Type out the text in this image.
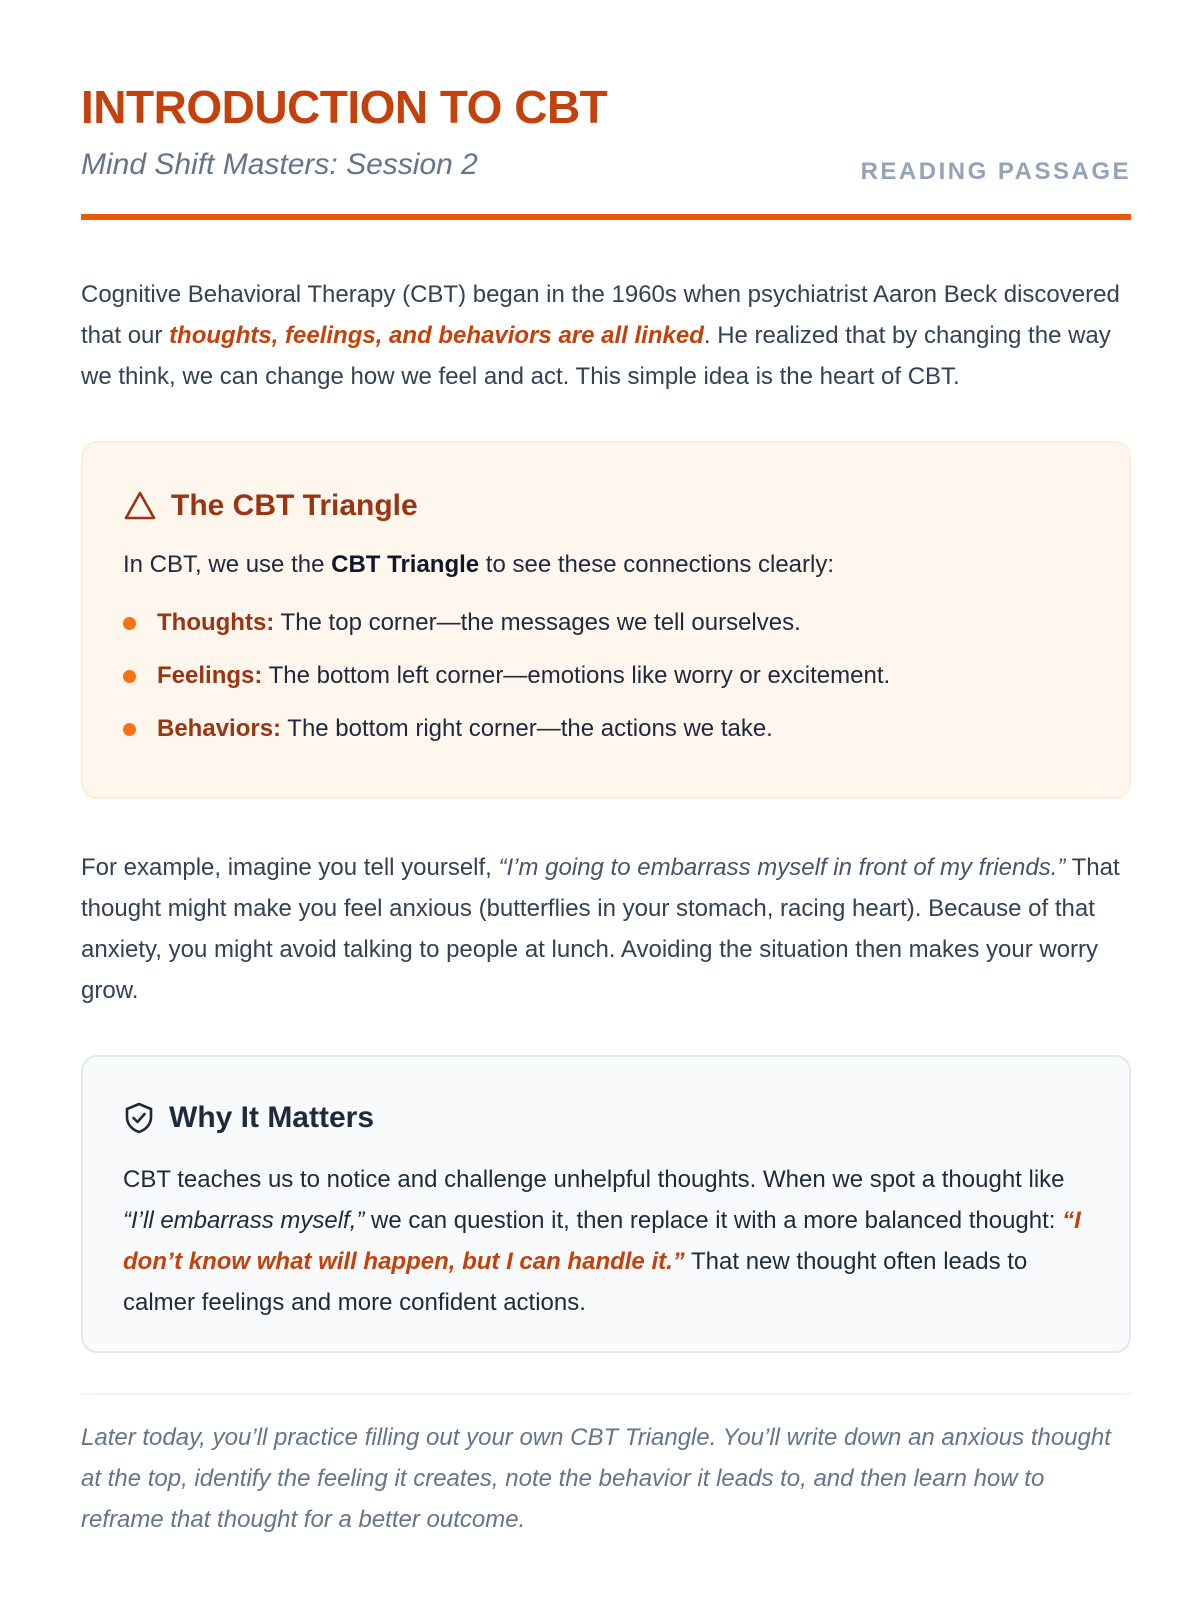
INTRODUCTION TO CBT
Mind Shift Masters: Session 2	READING PASSAGE

Cognitive Behavioral Therapy (CBT) began in the 1960s when psychiatrist Aaron Beck discovered that our thoughts, feelings, and behaviors are all linked. He realized that by changing the way we think, we can change how we feel and act. This simple idea is the heart of CBT.

The CBT Triangle
In CBT, we use the CBT Triangle to see these connections clearly:
Thoughts: The top corner—the messages we tell ourselves.
Feelings: The bottom left corner—emotions like worry or excitement.
Behaviors: The bottom right corner—the actions we take.

For example, imagine you tell yourself, “I’m going to embarrass myself in front of my friends.” That thought might make you feel anxious (butterflies in your stomach, racing heart). Because of that anxiety, you might avoid talking to people at lunch. Avoiding the situation then makes your worry grow.

Why It Matters
CBT teaches us to notice and challenge unhelpful thoughts. When we spot a thought like “I’ll embarrass myself,” we can question it, then replace it with a more balanced thought: “I don’t know what will happen, but I can handle it.” That new thought often leads to calmer feelings and more confident actions.

Later today, you’ll practice filling out your own CBT Triangle. You’ll write down an anxious thought at the top, identify the feeling it creates, note the behavior it leads to, and then learn how to reframe that thought for a better outcome.
